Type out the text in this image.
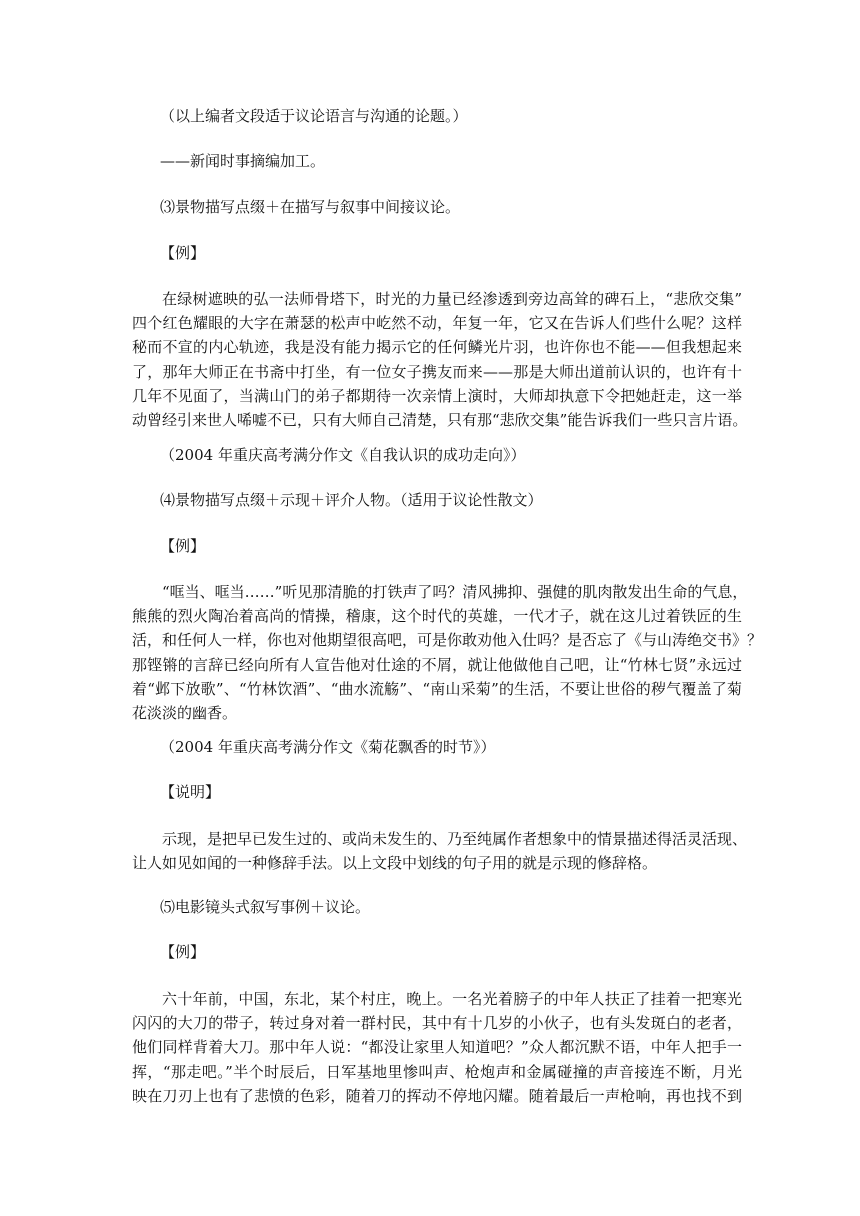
（以上编者文段适于议论语言与沟通的论题。）

——新闻时事摘编加工。

⑶景物描写点缀＋在描写与叙事中间接议论。

【例】

在绿树遮映的弘一法师骨塔下，时光的力量已经渗透到旁边高耸的碑石上，“悲欣交集”
四个红色耀眼的大字在萧瑟的松声中屹然不动，年复一年，它又在告诉人们些什么呢？这样
秘而不宣的内心轨迹，我是没有能力揭示它的任何鳞光片羽，也许你也不能——但我想起来
了，那年大师正在书斋中打坐，有一位女子携友而来——那是大师出道前认识的，也许有十
几年不见面了，当满山门的弟子都期待一次亲情上演时，大师却执意下令把她赶走，这一举
动曾经引来世人唏嘘不已，只有大师自己清楚，只有那“悲欣交集”能告诉我们一些只言片语。

（2004 年重庆高考满分作文《自我认识的成功走向》）

⑷景物描写点缀＋示现＋评介人物。（适用于议论性散文）

【例】

“哐当、哐当……”听见那清脆的打铁声了吗？清风拂抑、强健的肌肉散发出生命的气息，
熊熊的烈火陶冶着高尚的情操，稽康，这个时代的英雄，一代才子，就在这儿过着铁匠的生
活，和任何人一样，你也对他期望很高吧，可是你敢劝他入仕吗？是否忘了《与山涛绝交书》？
那铿锵的言辞已经向所有人宣告他对仕途的不屑，就让他做他自己吧，让“竹林七贤”永远过
着“邺下放歌”、“竹林饮酒”、“曲水流觞”、“南山采菊”的生活，不要让世俗的秽气覆盖了菊
花淡淡的幽香。

（2004 年重庆高考满分作文《菊花飘香的时节》）

【说明】

示现，是把早已发生过的、或尚未发生的、乃至纯属作者想象中的情景描述得活灵活现、
让人如见如闻的一种修辞手法。以上文段中划线的句子用的就是示现的修辞格。

⑸电影镜头式叙写事例＋议论。

【例】

六十年前，中国，东北，某个村庄，晚上。一名光着膀子的中年人扶正了挂着一把寒光
闪闪的大刀的带子，转过身对着一群村民，其中有十几岁的小伙子，也有头发斑白的老者，
他们同样背着大刀。那中年人说：“都没让家里人知道吧？”众人都沉默不语，中年人把手一
挥，“那走吧。”半个时辰后，日军基地里惨叫声、枪炮声和金属碰撞的声音接连不断，月光
映在刀刃上也有了悲愤的色彩，随着刀的挥动不停地闪耀。随着最后一声枪响，再也找不到
